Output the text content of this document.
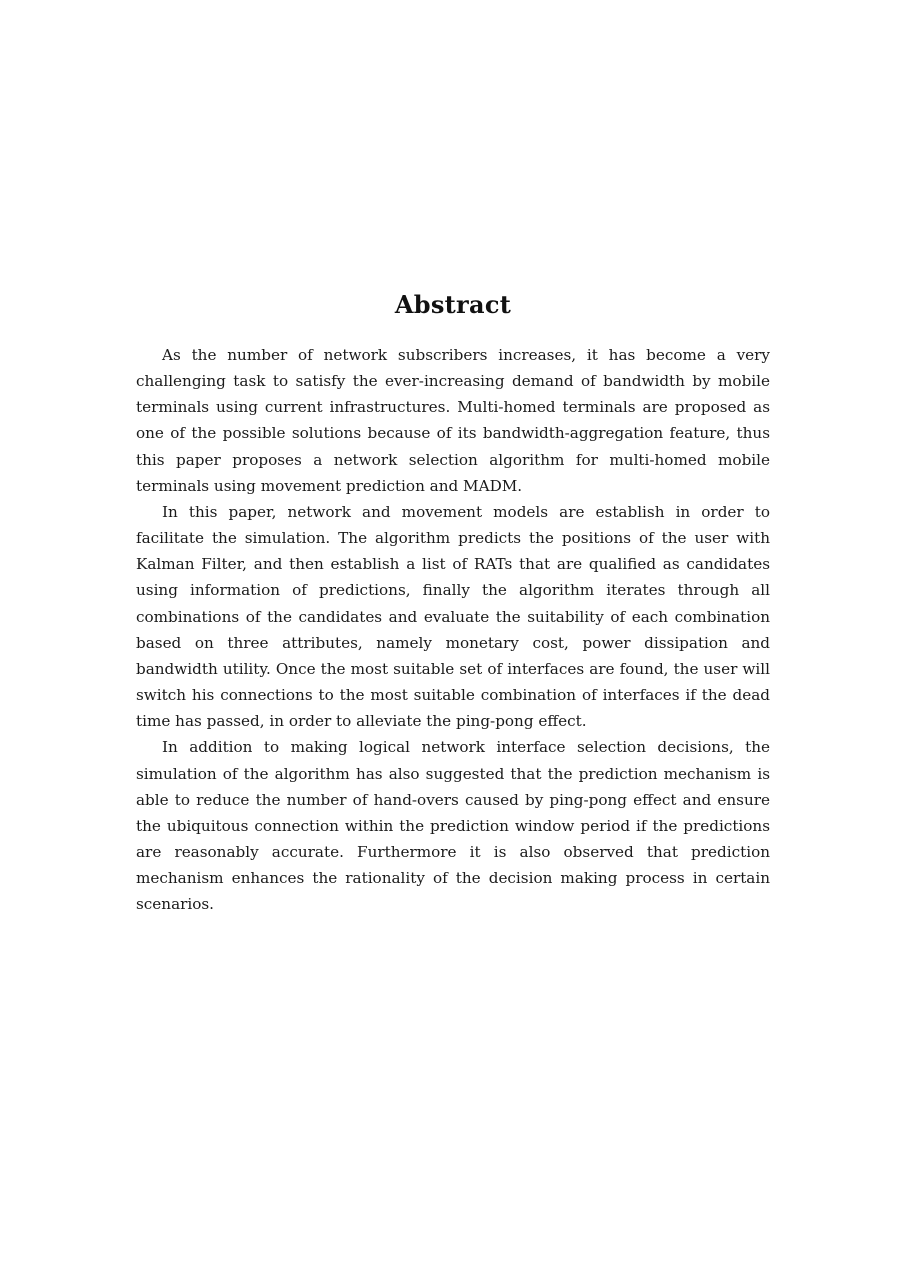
Abstract

As the number of network subscribers increases, it has become a very challenging task to satisfy the ever-increasing demand of bandwidth by mobile terminals using current infrastructures. Multi-homed terminals are proposed as one of the possible solutions because of its bandwidth-aggregation feature, thus this paper proposes a network selection algorithm for multi-homed mobile terminals using movement prediction and MADM.

In this paper, network and movement models are establish in order to facilitate the simulation. The algorithm predicts the positions of the user with Kalman Filter, and then establish a list of RATs that are qualified as candidates using information of predictions, finally the algorithm iterates through all combinations of the candidates and evaluate the suitability of each combination based on three attributes, namely monetary cost, power dissipation and bandwidth utility. Once the most suitable set of interfaces are found, the user will switch his connections to the most suitable combination of interfaces if the dead time has passed, in order to alleviate the ping-pong effect.

In addition to making logical network interface selection decisions, the simulation of the algorithm has also suggested that the prediction mechanism is able to reduce the number of hand-overs caused by ping-pong effect and ensure the ubiquitous connection within the prediction window period if the predictions are reasonably accurate. Furthermore it is also observed that prediction mechanism enhances the rationality of the decision making process in certain scenarios.
